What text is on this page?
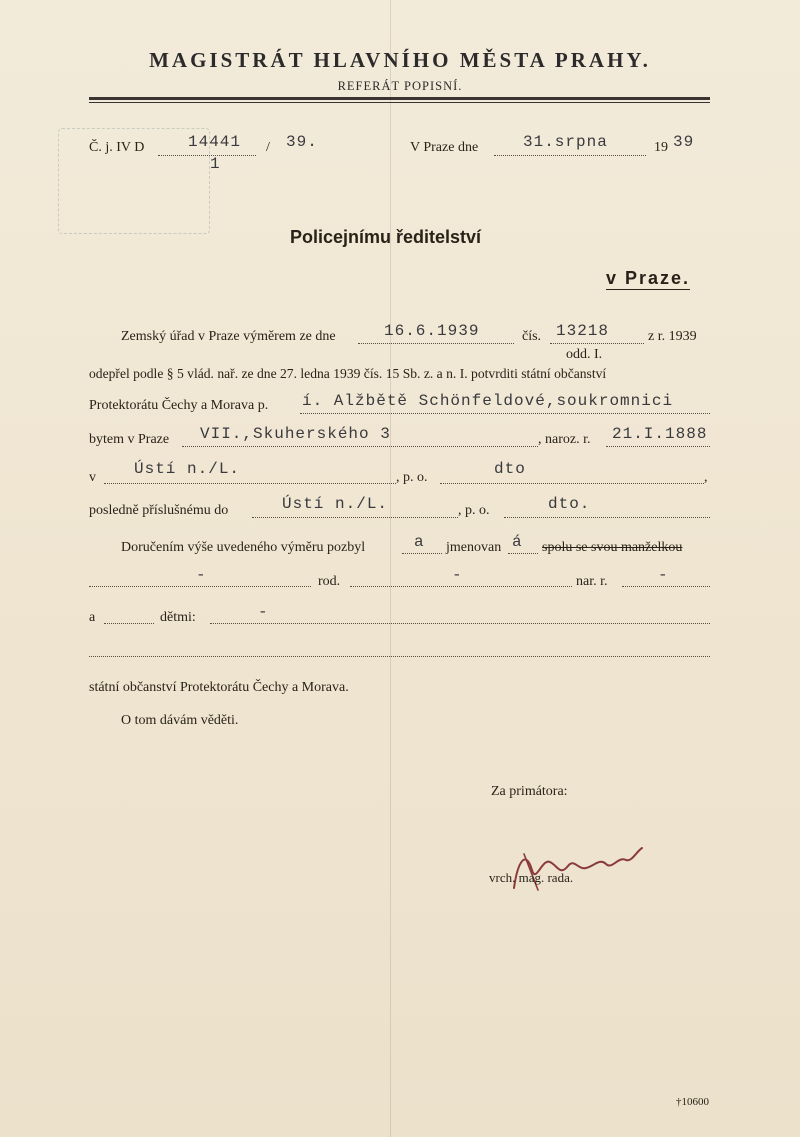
MAGISTRÁT HLAVNÍHO MĚSTA PRAHY.
REFERÁT POPISNÍ.
Č. j. IV D	14441
1
/ 39.	V Praze dne	31.srpna	19 39
Policejnímu ředitelství
v Praze.
Zemský úřad v Praze výměrem ze dne	16.6.1939	čís. 13218	z r. 1939
odd. I.
odepřel podle § 5 vlád. nař. ze dne 27. ledna 1939 čís. 15 Sb. z. a n. I. potvrditi státní občanství
Protektorátu Čechy a Morava p. í. Alžbětě Schönfeldové,soukromnici
bytem v Praze VII.,Skuherského 3	, naroz. r. 21.I.1888
v Ústí n./L.	, p. o.	dto	,
posledně příslušnému do	Ústí n./L.	, p. o.	dto.
Doručením výše uvedeného výměru pozbyl	a jmenovan á spolu se svou manželkou
-	rod.	-	nar. r.	-
a	dětmi:	-
státní občanství Protektorátu Čechy a Morava.
O tom dávám věděti.
Za primátora:
vrch. mag. rada.
†10600
